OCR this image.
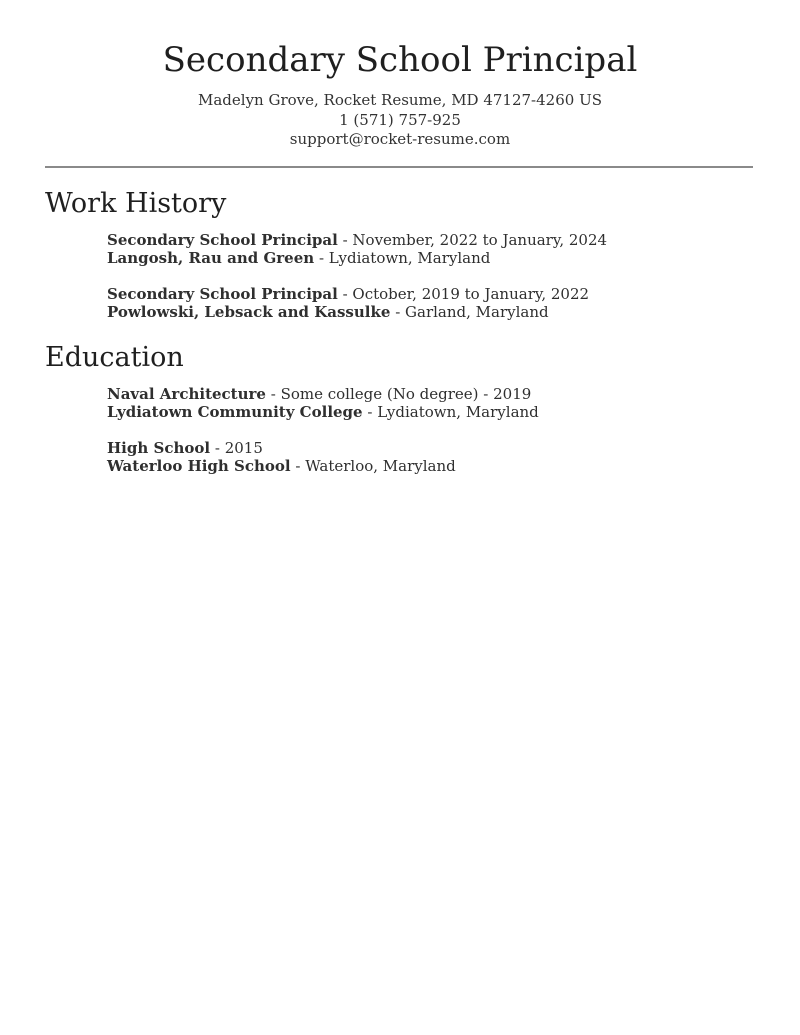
Secondary School Principal

Madelyn Grove, Rocket Resume, MD 47127-4260 US

1 (571) 757-925

support@rocket-resume.com

Work History
Secondary School Principal - November, 2022 to January, 2024
Langosh, Rau and Green - Lydiatown, Maryland
Secondary School Principal - October, 2019 to January, 2022
Powlowski, Lebsack and Kassulke - Garland, Maryland
Education
Naval Architecture - Some college (No degree) - 2019
Lydiatown Community College - Lydiatown, Maryland
High School - 2015
Waterloo High School - Waterloo, Maryland
